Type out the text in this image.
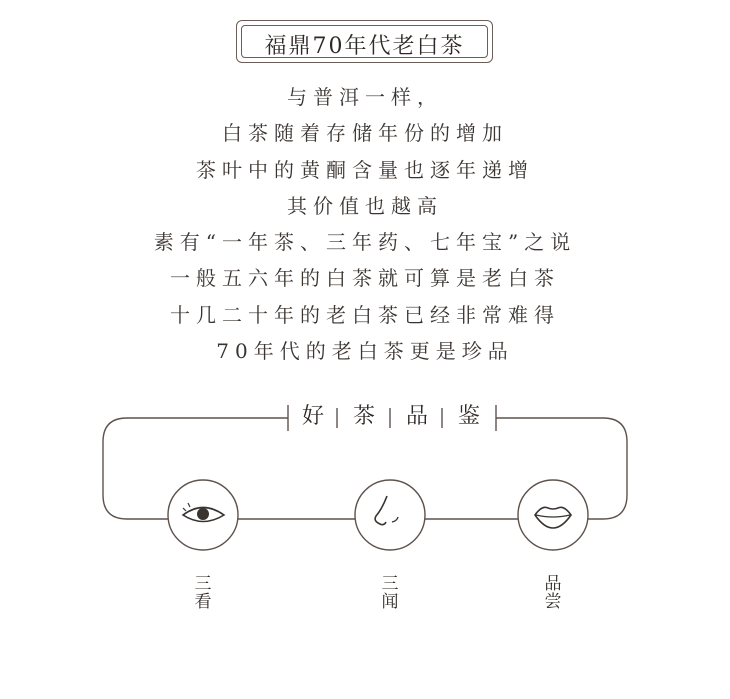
福鼎70年代老白茶
与普洱一样，
白茶随着存储年份的增加
茶叶中的黄酮含量也逐年递增
其价值也越高
素有“一年茶、三年药、七年宝”之说
一般五六年的白茶就可算是老白茶
十几二十年的老白茶已经非常难得
70年代的老白茶更是珍品
好	茶	品	鉴
三
看
三
闻
品
尝
